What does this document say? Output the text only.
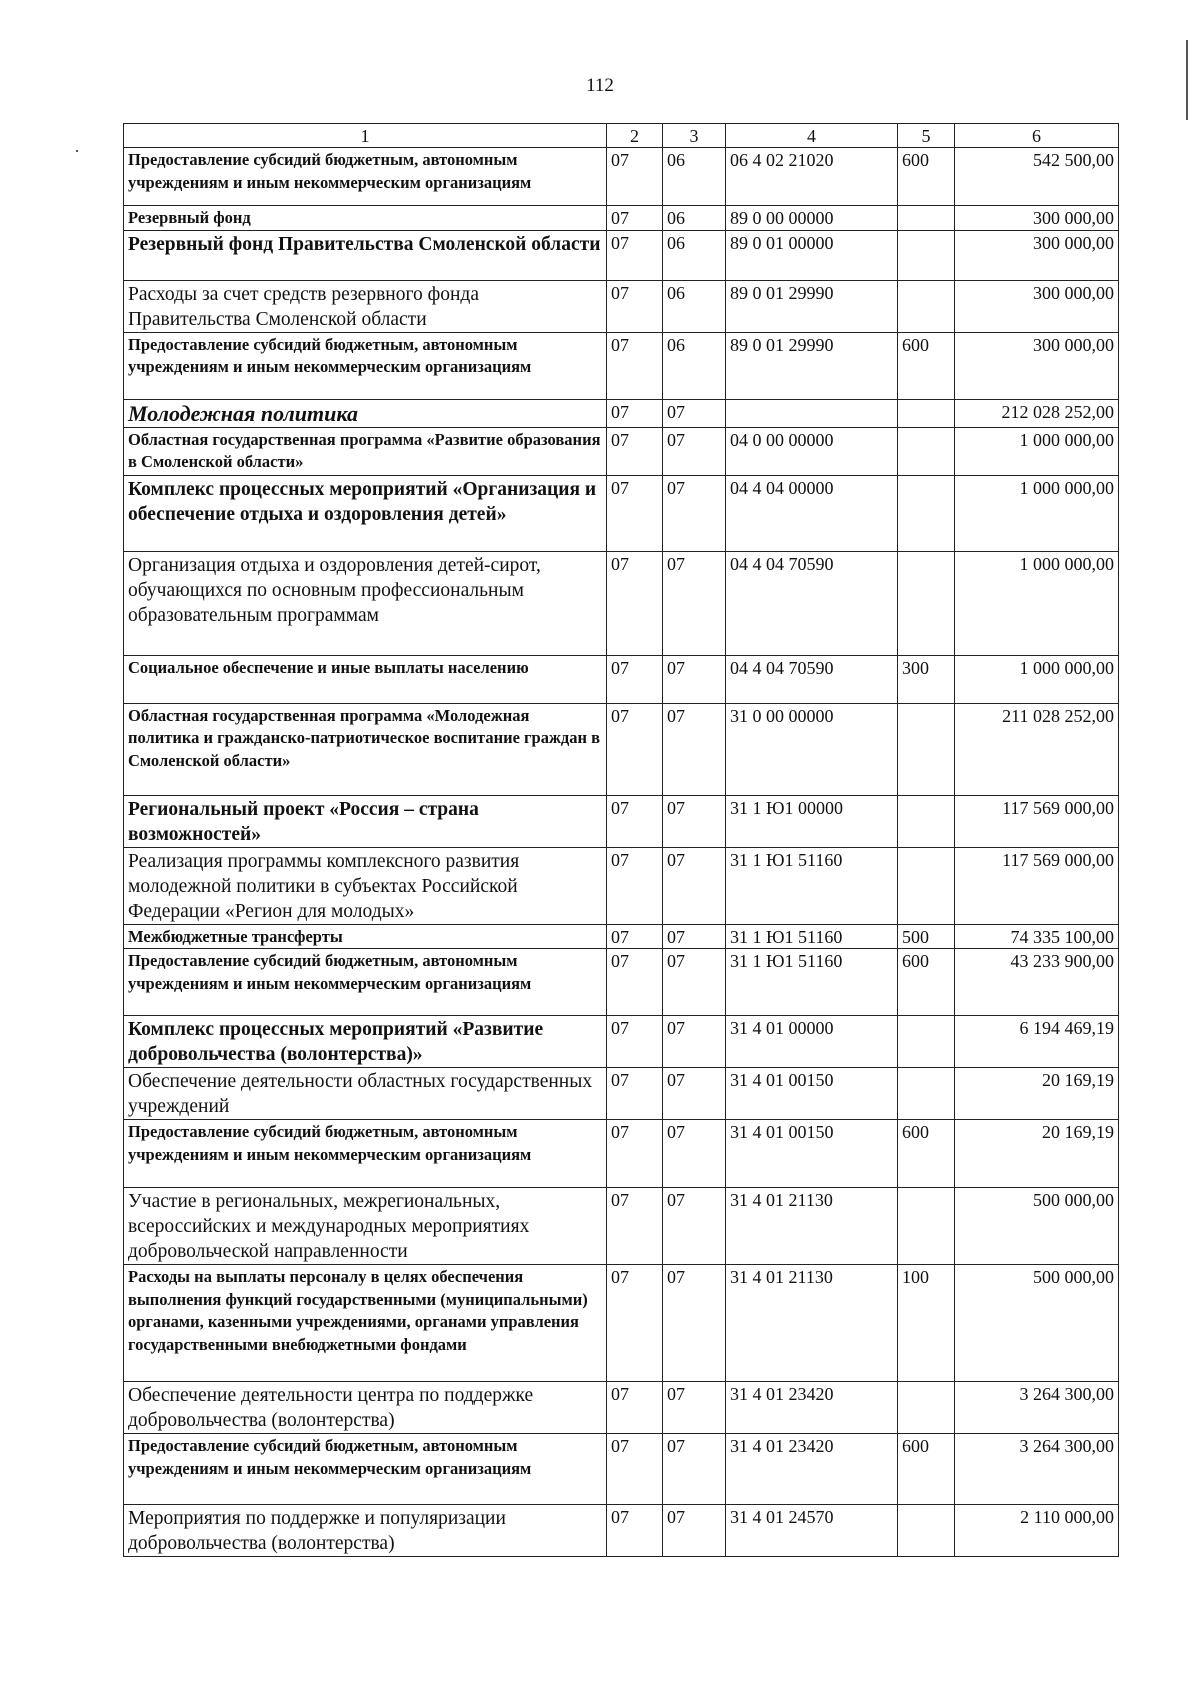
112
1	2	3	4	5	6
Предоставление субсидий бюджетным, автономным учреждениям и иным некоммерческим организациям	07	06	06 4 02 21020	600	542 500,00
Резервный фонд	07	06	89 0 00 00000		300 000,00
Резервный фонд Правительства Смоленской области	07	06	89 0 01 00000		300 000,00
Расходы за счет средств резервного фонда Правительства Смоленской области	07	06	89 0 01 29990		300 000,00
Предоставление субсидий бюджетным, автономным учреждениям и иным некоммерческим организациям	07	06	89 0 01 29990	600	300 000,00
Молодежная политика	07	07			212 028 252,00
Областная государственная программа «Развитие образования в Смоленской области»	07	07	04 0 00 00000		1 000 000,00
Комплекс процессных мероприятий «Организация и обеспечение отдыха и оздоровления детей»	07	07	04 4 04 00000		1 000 000,00
Организация отдыха и оздоровления детей-сирот, обучающихся по основным профессиональным образовательным программам	07	07	04 4 04 70590		1 000 000,00
Социальное обеспечение и иные выплаты населению	07	07	04 4 04 70590	300	1 000 000,00
Областная государственная программа «Молодежная политика и гражданско-патриотическое воспитание граждан в Смоленской области»	07	07	31 0 00 00000		211 028 252,00
Региональный проект «Россия – страна возможностей»	07	07	31 1 Ю1 00000		117 569 000,00
Реализация программы комплексного развития молодежной политики в субъектах Российской Федерации «Регион для молодых»	07	07	31 1 Ю1 51160		117 569 000,00
Межбюджетные трансферты	07	07	31 1 Ю1 51160	500	74 335 100,00
Предоставление субсидий бюджетным, автономным учреждениям и иным некоммерческим организациям	07	07	31 1 Ю1 51160	600	43 233 900,00
Комплекс процессных мероприятий «Развитие добровольчества (волонтерства)»	07	07	31 4 01 00000		6 194 469,19
Обеспечение деятельности областных государственных учреждений	07	07	31 4 01 00150		20 169,19
Предоставление субсидий бюджетным, автономным учреждениям и иным некоммерческим организациям	07	07	31 4 01 00150	600	20 169,19
Участие в региональных, межрегиональных, всероссийских и международных мероприятиях добровольческой направленности	07	07	31 4 01 21130		500 000,00
Расходы на выплаты персоналу в целях обеспечения выполнения функций государственными (муниципальными) органами, казенными учреждениями, органами управления государственными внебюджетными фондами	07	07	31 4 01 21130	100	500 000,00
Обеспечение деятельности центра по поддержке добровольчества (волонтерства)	07	07	31 4 01 23420		3 264 300,00
Предоставление субсидий бюджетным, автономным учреждениям и иным некоммерческим организациям	07	07	31 4 01 23420	600	3 264 300,00
Мероприятия по поддержке и популяризации добровольчества (волонтерства)	07	07	31 4 01 24570		2 110 000,00
